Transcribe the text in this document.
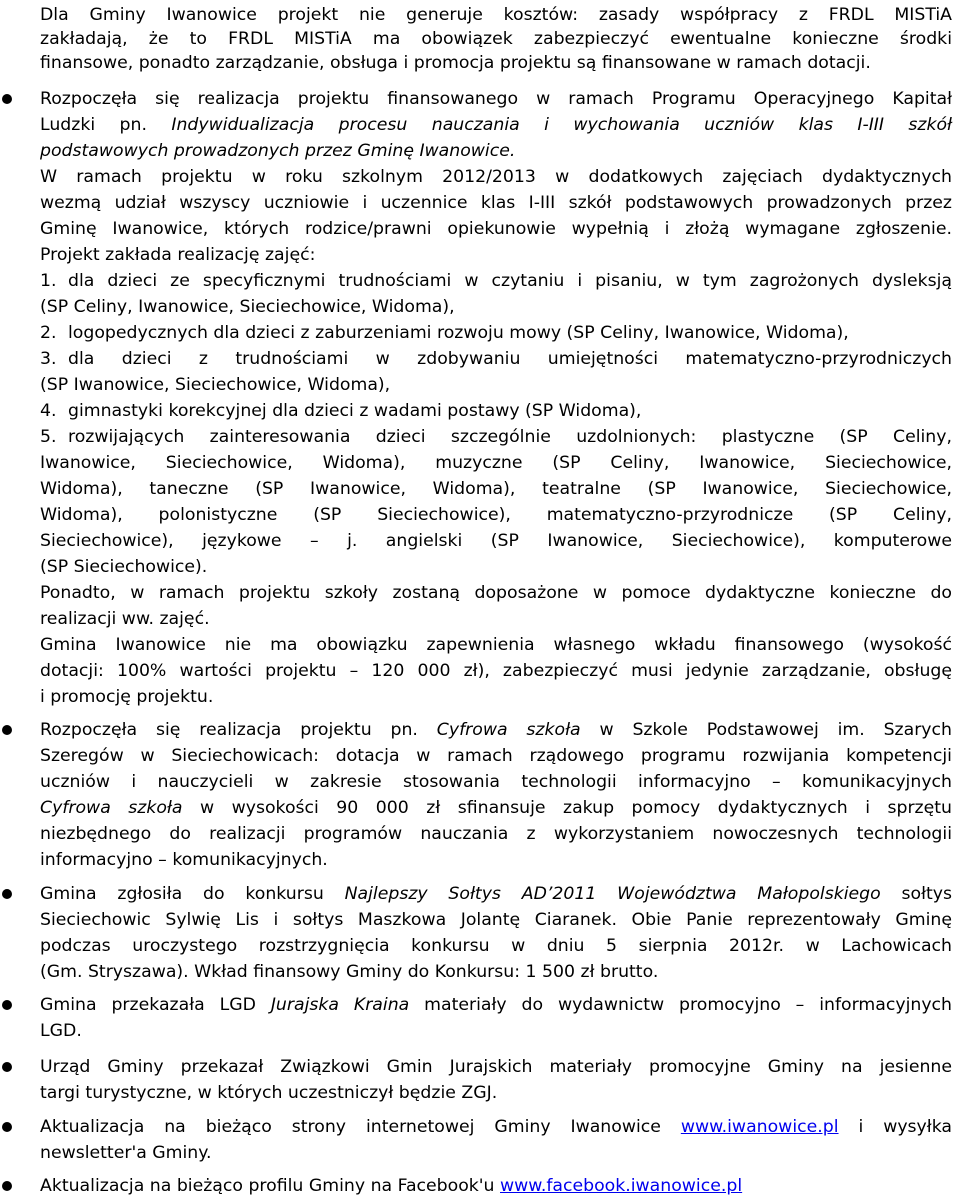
Dla Gminy Iwanowice projekt nie generuje kosztów: zasady współpracy z FRDL MISTiA
zakładają, że to FRDL MISTiA ma obowiązek zabezpieczyć ewentualne konieczne środki
finansowe, ponadto zarządzanie, obsługa i promocja projektu są finansowane w ramach dotacji.
Rozpoczęła się realizacja projektu finansowanego w ramach Programu Operacyjnego Kapitał
Ludzki pn. Indywidualizacja procesu nauczania i wychowania uczniów klas I-III szkół
podstawowych prowadzonych przez Gminę Iwanowice.
W ramach projektu w roku szkolnym 2012/2013 w dodatkowych zajęciach dydaktycznych
wezmą udział wszyscy uczniowie i uczennice klas I-III szkół podstawowych prowadzonych przez
Gminę Iwanowice, których rodzice/prawni opiekunowie wypełnią i złożą wymagane zgłoszenie.
Projekt zakłada realizację zajęć:
1. dla dzieci ze specyficznymi trudnościami w czytaniu i pisaniu, w tym zagrożonych dysleksją
(SP Celiny, Iwanowice, Sieciechowice, Widoma),
2. logopedycznych dla dzieci z zaburzeniami rozwoju mowy (SP Celiny, Iwanowice, Widoma),
3. dla dzieci z trudnościami w zdobywaniu umiejętności matematyczno-przyrodniczych
(SP Iwanowice, Sieciechowice, Widoma),
4. gimnastyki korekcyjnej dla dzieci z wadami postawy (SP Widoma),
5. rozwijających zainteresowania dzieci szczególnie uzdolnionych: plastyczne (SP Celiny,
Iwanowice, Sieciechowice, Widoma), muzyczne (SP Celiny, Iwanowice, Sieciechowice,
Widoma), taneczne (SP Iwanowice, Widoma), teatralne (SP Iwanowice, Sieciechowice,
Widoma), polonistyczne (SP Sieciechowice), matematyczno-przyrodnicze (SP Celiny,
Sieciechowice), językowe – j. angielski (SP Iwanowice, Sieciechowice), komputerowe
(SP Sieciechowice).
Ponadto, w ramach projektu szkoły zostaną doposażone w pomoce dydaktyczne konieczne do
realizacji ww. zajęć.
Gmina Iwanowice nie ma obowiązku zapewnienia własnego wkładu finansowego (wysokość
dotacji: 100% wartości projektu – 120 000 zł), zabezpieczyć musi jedynie zarządzanie, obsługę
i promocję projektu.
Rozpoczęła się realizacja projektu pn. Cyfrowa szkoła w Szkole Podstawowej im. Szarych
Szeregów w Sieciechowicach: dotacja w ramach rządowego programu rozwijania kompetencji
uczniów i nauczycieli w zakresie stosowania technologii informacyjno – komunikacyjnych
Cyfrowa szkoła w wysokości 90 000 zł sfinansuje zakup pomocy dydaktycznych i sprzętu
niezbędnego do realizacji programów nauczania z wykorzystaniem nowoczesnych technologii
informacyjno – komunikacyjnych.
Gmina zgłosiła do konkursu Najlepszy Sołtys AD’2011 Województwa Małopolskiego sołtys
Sieciechowic Sylwię Lis i sołtys Maszkowa Jolantę Ciaranek. Obie Panie reprezentowały Gminę
podczas uroczystego rozstrzygnięcia konkursu w dniu 5 sierpnia 2012r. w Lachowicach
(Gm. Stryszawa). Wkład finansowy Gminy do Konkursu: 1 500 zł brutto.
Gmina przekazała LGD Jurajska Kraina materiały do wydawnictw promocyjno – informacyjnych
LGD.
Urząd Gminy przekazał Związkowi Gmin Jurajskich materiały promocyjne Gminy na jesienne
targi turystyczne, w których uczestniczył będzie ZGJ.
Aktualizacja na bieżąco strony internetowej Gminy Iwanowice www.iwanowice.pl i wysyłka
newsletter'a Gminy.
Aktualizacja na bieżąco profilu Gminy na Facebook'u www.facebook.iwanowice.pl
